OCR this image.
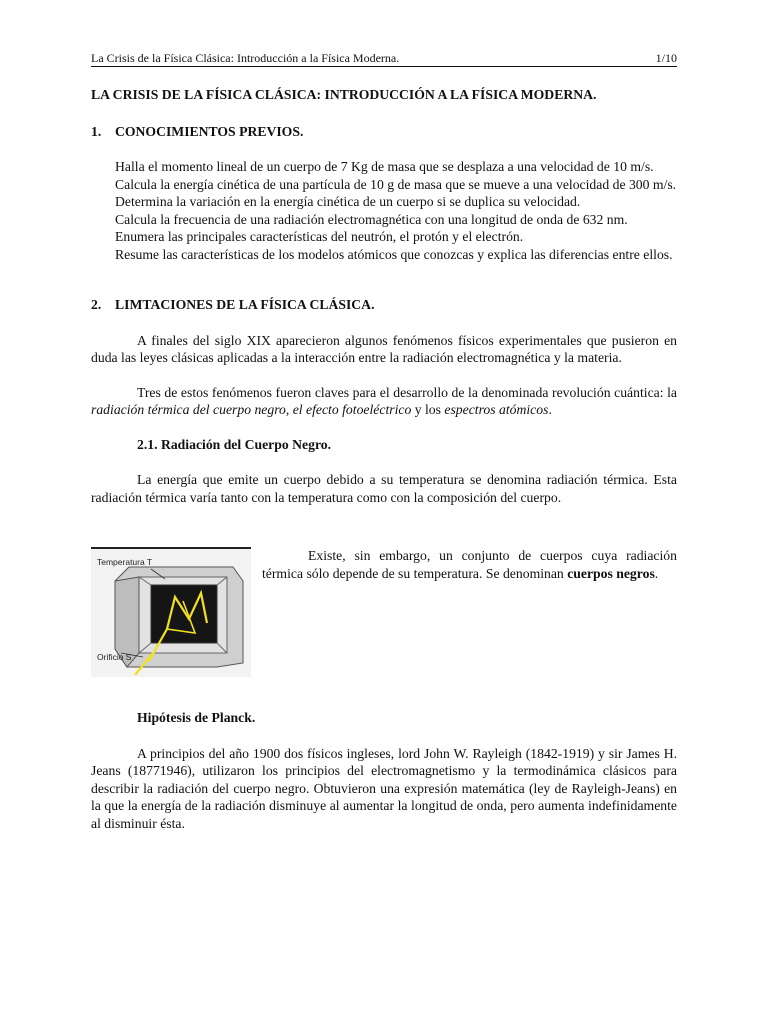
La Crisis de la Física Clásica: Introducción a la Física Moderna.	1/10
LA CRISIS DE LA FÍSICA CLÁSICA: INTRODUCCIÓN A LA FÍSICA MODERNA.
1.	CONOCIMIENTOS PREVIOS.
Halla el momento lineal de un cuerpo de 7 Kg de masa que se desplaza a una velocidad de 10 m/s.
Calcula la energía cinética de una partícula de 10 g de masa que se mueve a una velocidad de 300 m/s.
Determina la variación en la energía cinética de un cuerpo si se duplica su velocidad.
Calcula la frecuencia de una radiación electromagnética con una longitud de onda de 632 nm.
Enumera las principales características del neutrón, el protón y el electrón.
Resume las características de los modelos atómicos que conozcas y explica las diferencias entre ellos.
2.	LIMTACIONES DE LA FÍSICA CLÁSICA.

A finales del siglo XIX aparecieron algunos fenómenos físicos experimentales que pusieron en duda las leyes clásicas aplicadas a la interacción entre la radiación electromagnética y la materia.

Tres de estos fenómenos fueron claves para el desarrollo de la denominada revolución cuántica: la radiación térmica del cuerpo negro, el efecto fotoeléctrico y los espectros atómicos.

2.1. Radiación del Cuerpo Negro.

La energía que emite un cuerpo debido a su temperatura se denomina radiación térmica. Esta radiación térmica varía tanto con la temperatura como con la composición del cuerpo.

Temperatura T
Orificio S
Existe, sin embargo, un conjunto de cuerpos cuya radiación térmica sólo depende de su temperatura. Se denominan cuerpos negros.
Hipótesis de Planck.

A principios del año 1900 dos físicos ingleses, lord John W. Rayleigh (1842-1919) y sir James H. Jeans (18771946), utilizaron los principios del electromagnetismo y la termodinámica clásicos para describir la radiación del cuerpo negro. Obtuvieron una expresión matemática (ley de Rayleigh-Jeans) en la que la energía de la radiación disminuye al aumentar la longitud de onda, pero aumenta indefinidamente al disminuir ésta.
